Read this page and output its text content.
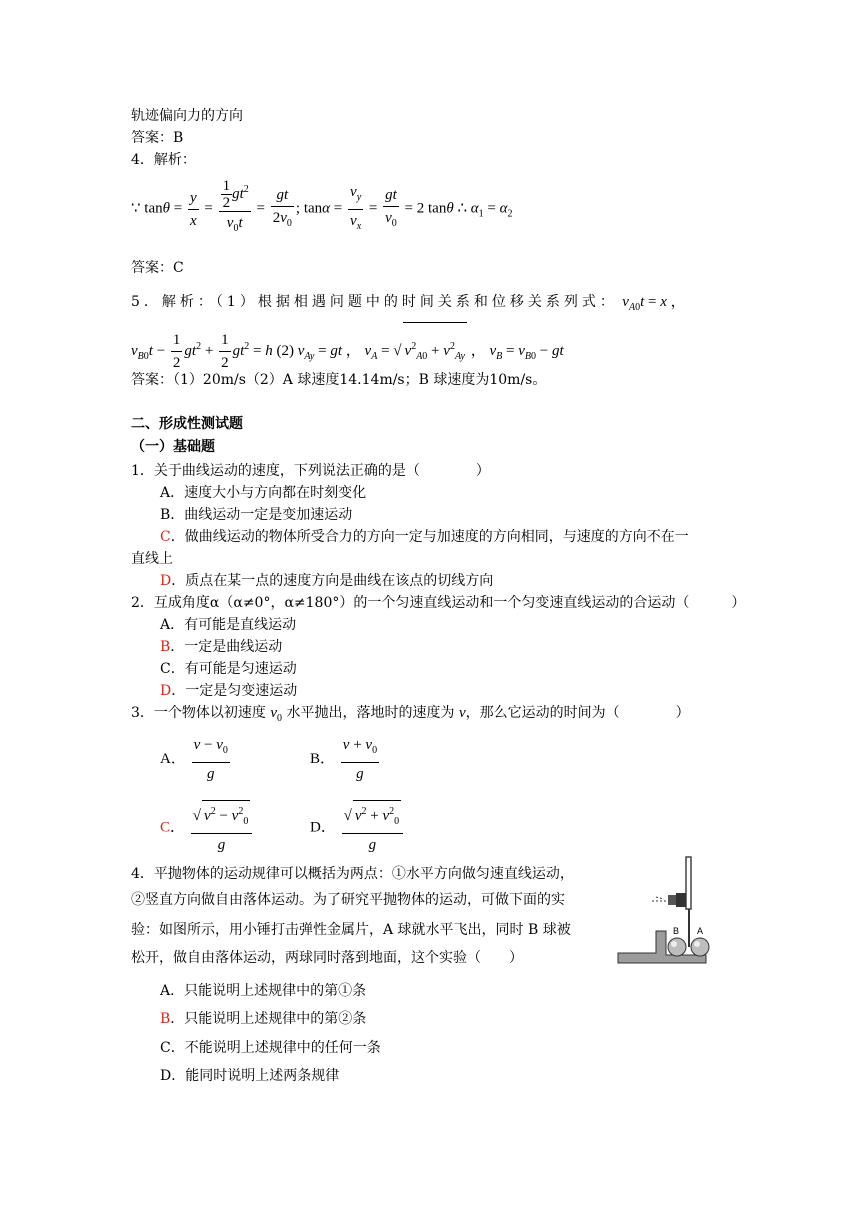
轨迹偏向力的方向
答案：B
4．解析：
∵ $\tan\theta = \frac{y}{x} = \frac{\frac{1}{2} gt^2}{v_0t} = \frac{gt}{2v_0}$ ; $\tan\alpha = \frac{v_y}{v_x} = \frac{gt}{v_0} = 2$ tanθ ∴ $\alpha_1 = \alpha_2$
答案：C
5．解析：（1）根据相遇问题中的时间关系和位移关系列式： $v_{A0}t = x$ ，
$v_{B0}t - \frac{1}{2} gt^2 + \frac{1}{2} gt^2 = h$ (2) $v_{Ay}$ = gt ， $v_A$ = √ $v^2_{A0} + v^2_{Ay}$ ， $v_B = v_{B0}$ − gt
答案：（1）20m/s（2）A 球速度14.14m/s；B 球速度为10m/s。
二、形成性测试题
（一）基础题
1．关于曲线运动的速度，下列说法正确的是（　　　　）
A．速度大小与方向都在时刻变化
B．曲线运动一定是变加速运动
C．做曲线运动的物体所受合力的方向一定与加速度的方向相同，与速度的方向不在一
直线上
D．质点在某一点的速度方向是曲线在该点的切线方向
2．互成角度α（α≠0°，α≠180°）的一个匀速直线运动和一个匀变速直线运动的合运动（　　　）
A．有可能是直线运动
B．一定是曲线运动
C．有可能是匀速运动
D．一定是匀变速运动
3．一个物体以初速度 $v_0$ 水平抛出，落地时的速度为 v，那么它运动的时间为（　　　　）
A． $\frac{v - v_0}{g}$	B． $\frac{v + v_0}{g}$
C． $\frac{√ v^2 - v^2_0}{g}$	D． $\frac{√ v^2 + v^2_0}{g}$
4．平抛物体的运动规律可以概括为两点：①水平方向做匀速直线运动，
②竖直方向做自由落体运动。为了研究平抛物体的运动，可做下面的实
验：如图所示，用小锤打击弹性金属片，A 球就水平飞出，同时 B 球被
松开，做自由落体运动，两球同时落到地面，这个实验（　　）
A．只能说明上述规律中的第①条
B．只能说明上述规律中的第②条
C．不能说明上述规律中的任何一条
D．能同时说明上述两条规律
B A
